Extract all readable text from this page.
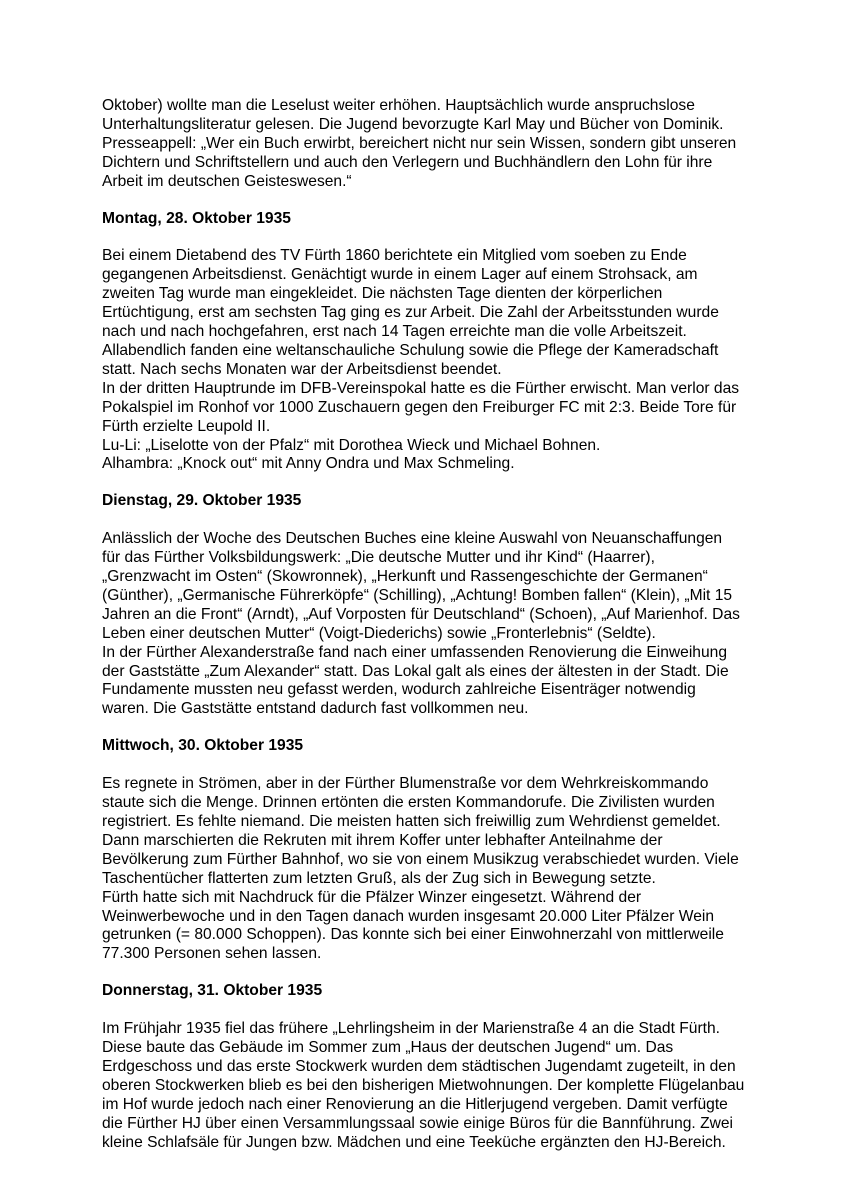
Oktober) wollte man die Leselust weiter erhöhen. Hauptsächlich wurde anspruchslose
Unterhaltungsliteratur gelesen. Die Jugend bevorzugte Karl May und Bücher von Dominik.
Presseappell: „Wer ein Buch erwirbt, bereichert nicht nur sein Wissen, sondern gibt unseren
Dichtern und Schriftstellern und auch den Verlegern und Buchhändlern den Lohn für ihre
Arbeit im deutschen Geisteswesen.“
Montag, 28. Oktober 1935
Bei einem Dietabend des TV Fürth 1860 berichtete ein Mitglied vom soeben zu Ende
gegangenen Arbeitsdienst. Genächtigt wurde in einem Lager auf einem Strohsack, am
zweiten Tag wurde man eingekleidet. Die nächsten Tage dienten der körperlichen
Ertüchtigung, erst am sechsten Tag ging es zur Arbeit. Die Zahl der Arbeitsstunden wurde
nach und nach hochgefahren, erst nach 14 Tagen erreichte man die volle Arbeitszeit.
Allabendlich fanden eine weltanschauliche Schulung sowie die Pflege der Kameradschaft
statt. Nach sechs Monaten war der Arbeitsdienst beendet.
In der dritten Hauptrunde im DFB-Vereinspokal hatte es die Fürther erwischt. Man verlor das
Pokalspiel im Ronhof vor 1000 Zuschauern gegen den Freiburger FC mit 2:3. Beide Tore für
Fürth erzielte Leupold II.
Lu-Li: „Liselotte von der Pfalz“ mit Dorothea Wieck und Michael Bohnen.
Alhambra: „Knock out“ mit Anny Ondra und Max Schmeling.
Dienstag, 29. Oktober 1935
Anlässlich der Woche des Deutschen Buches eine kleine Auswahl von Neuanschaffungen
für das Fürther Volksbildungswerk: „Die deutsche Mutter und ihr Kind“ (Haarrer),
„Grenzwacht im Osten“ (Skowronnek), „Herkunft und Rassengeschichte der Germanen“
(Günther), „Germanische Führerköpfe“ (Schilling), „Achtung! Bomben fallen“ (Klein), „Mit 15
Jahren an die Front“ (Arndt), „Auf Vorposten für Deutschland“ (Schoen), „Auf Marienhof. Das
Leben einer deutschen Mutter“ (Voigt-Diederichs) sowie „Fronterlebnis“ (Seldte).
In der Fürther Alexanderstraße fand nach einer umfassenden Renovierung die Einweihung
der Gaststätte „Zum Alexander“ statt. Das Lokal galt als eines der ältesten in der Stadt. Die
Fundamente mussten neu gefasst werden, wodurch zahlreiche Eisenträger notwendig
waren. Die Gaststätte entstand dadurch fast vollkommen neu.
Mittwoch, 30. Oktober 1935
Es regnete in Strömen, aber in der Fürther Blumenstraße vor dem Wehrkreiskommando
staute sich die Menge. Drinnen ertönten die ersten Kommandorufe. Die Zivilisten wurden
registriert. Es fehlte niemand. Die meisten hatten sich freiwillig zum Wehrdienst gemeldet.
Dann marschierten die Rekruten mit ihrem Koffer unter lebhafter Anteilnahme der
Bevölkerung zum Fürther Bahnhof, wo sie von einem Musikzug verabschiedet wurden. Viele
Taschentücher flatterten zum letzten Gruß, als der Zug sich in Bewegung setzte.
Fürth hatte sich mit Nachdruck für die Pfälzer Winzer eingesetzt. Während der
Weinwerbewoche und in den Tagen danach wurden insgesamt 20.000 Liter Pfälzer Wein
getrunken (= 80.000 Schoppen). Das konnte sich bei einer Einwohnerzahl von mittlerweile
77.300 Personen sehen lassen.
Donnerstag, 31. Oktober 1935
Im Frühjahr 1935 fiel das frühere „Lehrlingsheim in der Marienstraße 4 an die Stadt Fürth.
Diese baute das Gebäude im Sommer zum „Haus der deutschen Jugend“ um. Das
Erdgeschoss und das erste Stockwerk wurden dem städtischen Jugendamt zugeteilt, in den
oberen Stockwerken blieb es bei den bisherigen Mietwohnungen. Der komplette Flügelanbau
im Hof wurde jedoch nach einer Renovierung an die Hitlerjugend vergeben. Damit verfügte
die Fürther HJ über einen Versammlungssaal sowie einige Büros für die Bannführung. Zwei
kleine Schlafsäle für Jungen bzw. Mädchen und eine Teeküche ergänzten den HJ-Bereich.
